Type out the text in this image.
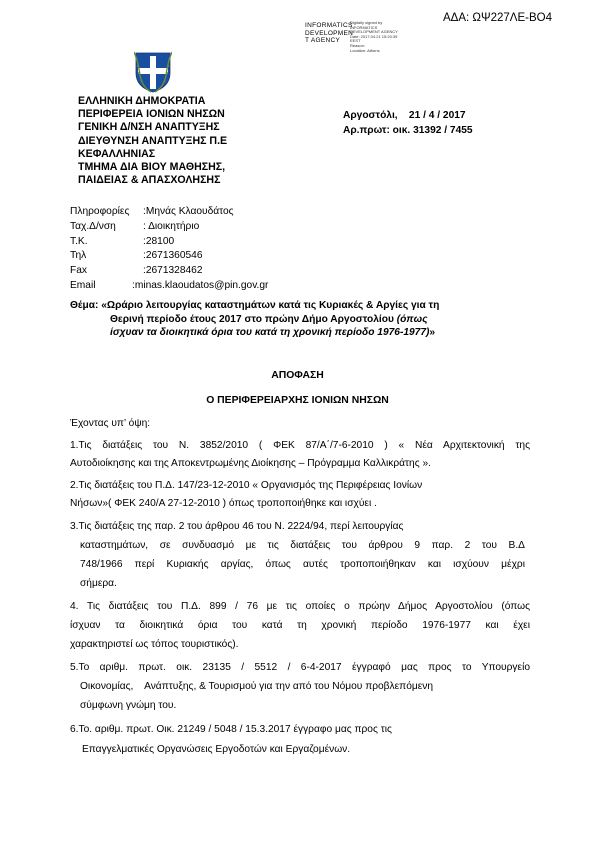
ΑΔΑ: ΩΨ227ΛΕ-ΒΟ4
INFORMATICS
DEVELOPMEN
T AGENCY
Digitally signed by
INFORMATICS
DEVELOPMENT AGENCY
Date: 2017.04.21 15:20:39
EEST
Reason:
Location: Athens
ΕΛΛΗΝΙΚΗ ΔΗΜΟΚΡΑΤΙΑ
ΠΕΡΙΦΕΡΕΙΑ ΙΟΝΙΩΝ ΝΗΣΩΝ
ΓΕΝΙΚΗ Δ/ΝΣΗ ΑΝΑΠΤΥΞΗΣ
ΔΙΕΥΘΥΝΣΗ ΑΝΑΠΤΥΞΗΣ Π.Ε
ΚΕΦΑΛΛΗΝΙΑΣ
ΤΜΗΜΑ ΔΙΑ ΒΙΟΥ ΜΑΘΗΣΗΣ,
ΠΑΙΔΕΙΑΣ & ΑΠΑΣΧΟΛΗΣΗΣ
Αργοστόλι,    21 / 4 / 2017
Αρ.πρωτ: οικ. 31392 / 7455
Πληροφορίες :Μηνάς Κλαουδάτος
Ταχ.Δ/νση	: Διοικητήριο
Τ.Κ.	:28100
Τηλ	:2671360546
Fax	:2671328462
Email	:minas.klaoudatos@pin.gov.gr
Θέμα: «Ωράριο λειτουργίας καταστημάτων κατά τις Κυριακές & Αργίες για τη
Θερινή περίοδο έτους 2017 στο πρώην Δήμο Αργοστολίου (όπως
ίσχυαν τα διοικητικά όρια του κατά τη χρονική περίοδο 1976-1977)»
ΑΠΟΦΑΣΗ
Ο ΠΕΡΙΦΕΡΕΙΑΡΧΗΣ ΙΟΝΙΩΝ ΝΗΣΩΝ
Έχοντας υπ’ όψη:
1.Τις διατάξεις του Ν. 3852/2010 ( ΦΕΚ 87/Α΄/7-6-2010 ) « Νέα Αρχιτεκτονική της
Αυτοδιοίκησης και της Αποκεντρωμένης Διοίκησης – Πρόγραμμα Καλλικράτης ».
2.Τις διατάξεις του Π.Δ. 147/23-12-2010 « Οργανισμός της Περιφέρειας Ιονίων
Νήσων»( ΦΕΚ 240/Α 27-12-2010 ) όπως τροποποιήθηκε και ισχύει .
3.Τις διατάξεις της παρ. 2 του άρθρου 46 του Ν. 2224/94, περί λειτουργίας
καταστημάτων, σε συνδυασμό με τις διατάξεις του άρθρου 9 παρ. 2 του Β.Δ
748/1966 περί Κυριακής αργίας, όπως αυτές τροποποιήθηκαν και ισχύουν μέχρι
σήμερα.
4. Τις διατάξεις του Π.Δ. 899 / 76 με τις οποίες ο πρώην Δήμος Αργοστολίου (όπως
ίσχυαν τα διοικητικά όρια του κατά τη χρονική περίοδο 1976-1977 και έχει
χαρακτηριστεί ως τόπος τουριστικός).
5.Το αριθμ. πρωτ. οικ. 23135 / 5512 / 6-4-2017 έγγραφό μας προς το Υπουργείο
Οικονομίας,    Ανάπτυξης, & Τουρισμού για την από του Νόμου προβλεπόμενη
σύμφωνη γνώμη του.
6.Το. αριθμ. πρωτ. Οικ. 21249 / 5048 / 15.3.2017 έγγραφο μας προς τις
Επαγγελματικές Οργανώσεις Εργοδοτών και Εργαζομένων.
